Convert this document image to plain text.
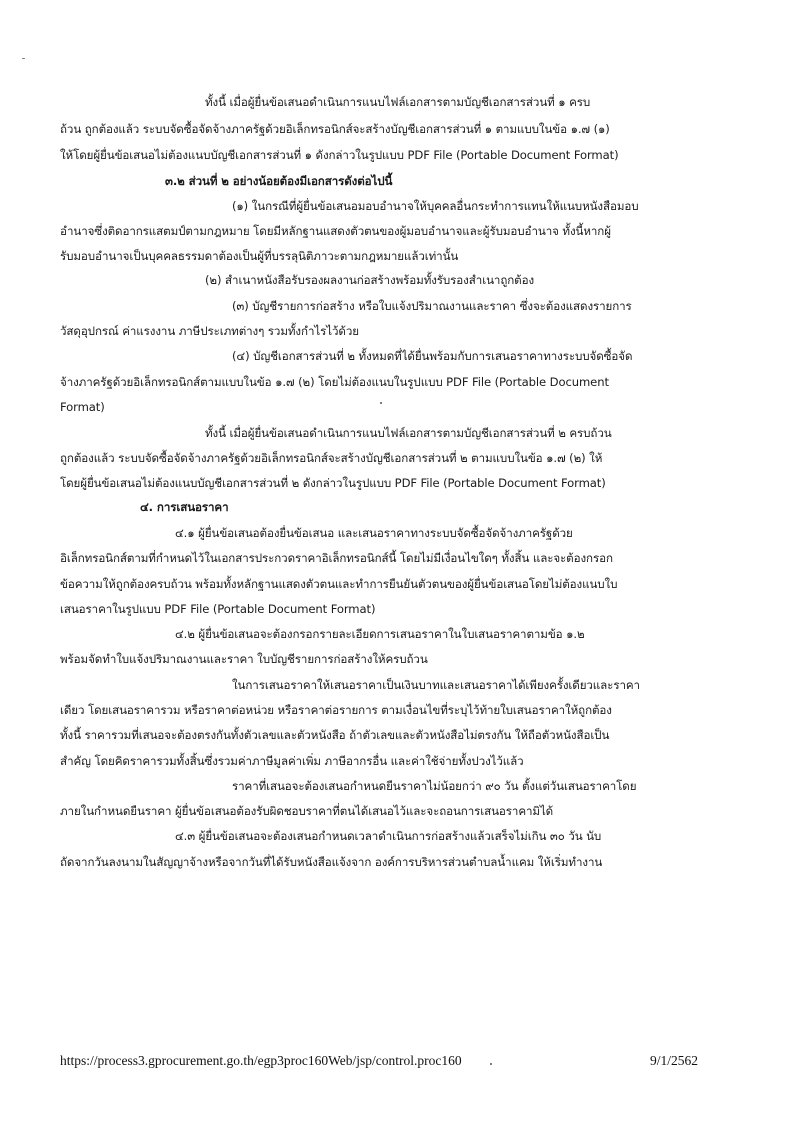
ทั้งนี้ เมื่อผู้ยื่นข้อเสนอดำเนินการแนบไฟล์เอกสารตามบัญชีเอกสารส่วนที่ ๑ ครบ

ถ้วน ถูกต้องแล้ว ระบบจัดซื้อจัดจ้างภาครัฐด้วยอิเล็กทรอนิกส์จะสร้างบัญชีเอกสารส่วนที่ ๑ ตามแบบในข้อ ๑.๗ (๑)

ให้โดยผู้ยื่นข้อเสนอไม่ต้องแนบบัญชีเอกสารส่วนที่ ๑ ดังกล่าวในรูปแบบ PDF File (Portable Document Format)

๓.๒ ส่วนที่ ๒ อย่างน้อยต้องมีเอกสารดังต่อไปนี้

(๑) ในกรณีที่ผู้ยื่นข้อเสนอมอบอำนาจให้บุคคลอื่นกระทำการแทนให้แนบหนังสือมอบ

อำนาจซึ่งติดอากรแสตมป์ตามกฎหมาย โดยมีหลักฐานแสดงตัวตนของผู้มอบอำนาจและผู้รับมอบอำนาจ ทั้งนี้หากผู้

รับมอบอำนาจเป็นบุคคลธรรมดาต้องเป็นผู้ที่บรรลุนิติภาวะตามกฎหมายแล้วเท่านั้น

(๒) สำเนาหนังสือรับรองผลงานก่อสร้างพร้อมทั้งรับรองสำเนาถูกต้อง

(๓) บัญชีรายการก่อสร้าง หรือใบแจ้งปริมาณงานและราคา ซึ่งจะต้องแสดงรายการ

วัสดุอุปกรณ์ ค่าแรงงาน ภาษีประเภทต่างๆ รวมทั้งกำไรไว้ด้วย

(๔) บัญชีเอกสารส่วนที่ ๒ ทั้งหมดที่ได้ยื่นพร้อมกับการเสนอราคาทางระบบจัดซื้อจัด

จ้างภาครัฐด้วยอิเล็กทรอนิกส์ตามแบบในข้อ ๑.๗ (๒) โดยไม่ต้องแนบในรูปแบบ PDF File (Portable Document

Format)

ทั้งนี้ เมื่อผู้ยื่นข้อเสนอดำเนินการแนบไฟล์เอกสารตามบัญชีเอกสารส่วนที่ ๒ ครบถ้วน

ถูกต้องแล้ว ระบบจัดซื้อจัดจ้างภาครัฐด้วยอิเล็กทรอนิกส์จะสร้างบัญชีเอกสารส่วนที่ ๒ ตามแบบในข้อ ๑.๗ (๒) ให้

โดยผู้ยื่นข้อเสนอไม่ต้องแนบบัญชีเอกสารส่วนที่ ๒ ดังกล่าวในรูปแบบ PDF File (Portable Document Format)

๔. การเสนอราคา

๔.๑ ผู้ยื่นข้อเสนอต้องยื่นข้อเสนอ และเสนอราคาทางระบบจัดซื้อจัดจ้างภาครัฐด้วย

อิเล็กทรอนิกส์ตามที่กำหนดไว้ในเอกสารประกวดราคาอิเล็กทรอนิกส์นี้ โดยไม่มีเงื่อนไขใดๆ ทั้งสิ้น และจะต้องกรอก

ข้อความให้ถูกต้องครบถ้วน พร้อมทั้งหลักฐานแสดงตัวตนและทำการยืนยันตัวตนของผู้ยื่นข้อเสนอโดยไม่ต้องแนบใบ

เสนอราคาในรูปแบบ PDF File (Portable Document Format)

๔.๒ ผู้ยื่นข้อเสนอจะต้องกรอกรายละเอียดการเสนอราคาในใบเสนอราคาตามข้อ ๑.๒

พร้อมจัดทำใบแจ้งปริมาณงานและราคา ใบบัญชีรายการก่อสร้างให้ครบถ้วน

ในการเสนอราคาให้เสนอราคาเป็นเงินบาทและเสนอราคาได้เพียงครั้งเดียวและราคา

เดียว โดยเสนอราคารวม หรือราคาต่อหน่วย หรือราคาต่อรายการ ตามเงื่อนไขที่ระบุไว้ท้ายใบเสนอราคาให้ถูกต้อง

ทั้งนี้ ราคารวมที่เสนอจะต้องตรงกันทั้งตัวเลขและตัวหนังสือ ถ้าตัวเลขและตัวหนังสือไม่ตรงกัน ให้ถือตัวหนังสือเป็น

สำคัญ โดยคิดราคารวมทั้งสิ้นซึ่งรวมค่าภาษีมูลค่าเพิ่ม ภาษีอากรอื่น และค่าใช้จ่ายทั้งปวงไว้แล้ว

ราคาที่เสนอจะต้องเสนอกำหนดยืนราคาไม่น้อยกว่า ๙๐ วัน ตั้งแต่วันเสนอราคาโดย

ภายในกำหนดยืนราคา ผู้ยื่นข้อเสนอต้องรับผิดชอบราคาที่ตนได้เสนอไว้และจะถอนการเสนอราคามิได้

๔.๓ ผู้ยื่นข้อเสนอจะต้องเสนอกำหนดเวลาดำเนินการก่อสร้างแล้วเสร็จไม่เกิน ๓๐ วัน นับ

ถัดจากวันลงนามในสัญญาจ้างหรือจากวันที่ได้รับหนังสือแจ้งจาก องค์การบริหารส่วนตำบลน้ำแคม ให้เริ่มทำงาน

https://process3.gprocurement.go.th/egp3proc160Web/jsp/control.proc160	9/1/2562
